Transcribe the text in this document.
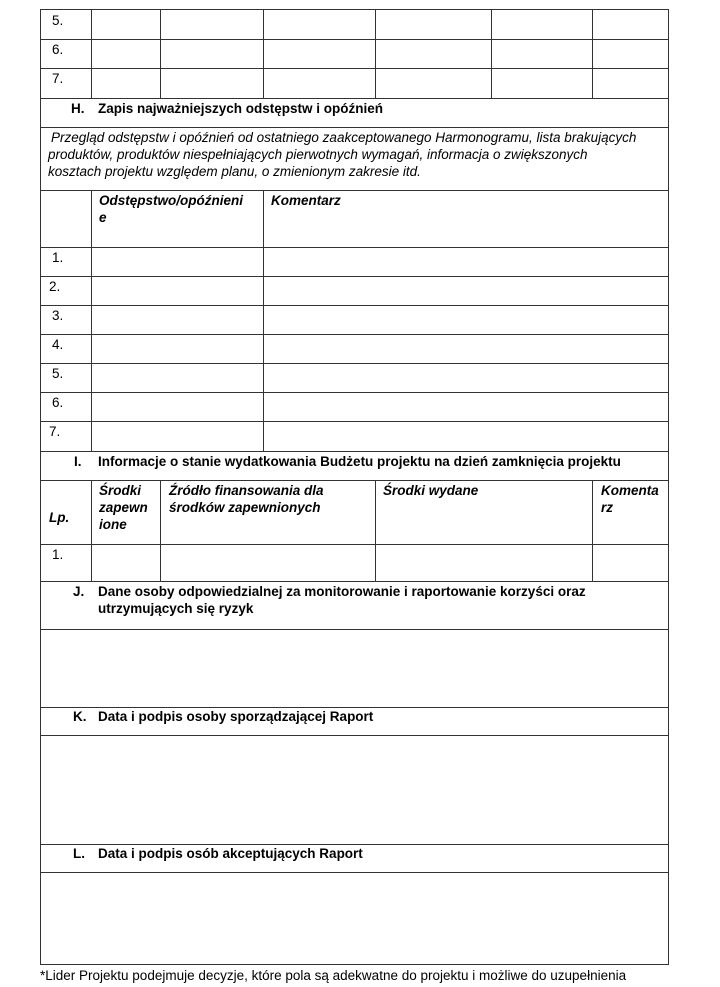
5.
6.
7.
H. Zapis najważniejszych odstępstw i opóźnień
Przegląd odstępstw i opóźnień od ostatniego zaakceptowanego Harmonogramu, lista brakujących
produktów, produktów niespełniających pierwotnych wymagań, informacja o zwiększonych
kosztach projektu względem planu, o zmienionym zakresie itd.
Odstępstwo/opóźnieni
e
Komentarz
1.
2.
3.
4.
5.
6.
7.
I. Informacje o stanie wydatkowania Budżetu projektu na dzień zamknięcia projektu
Lp.
Środki
zapewn
ione
Źródło finansowania dla
środków zapewnionych
Środki wydane	Komenta
rz
1.
J. Dane osoby odpowiedzialnej za monitorowanie i raportowanie korzyści oraz
utrzymujących się ryzyk
K. Data i podpis osoby sporządzającej Raport
L. Data i podpis osób akceptujących Raport
*Lider Projektu podejmuje decyzje, które pola są adekwatne do projektu i możliwe do uzupełnienia
